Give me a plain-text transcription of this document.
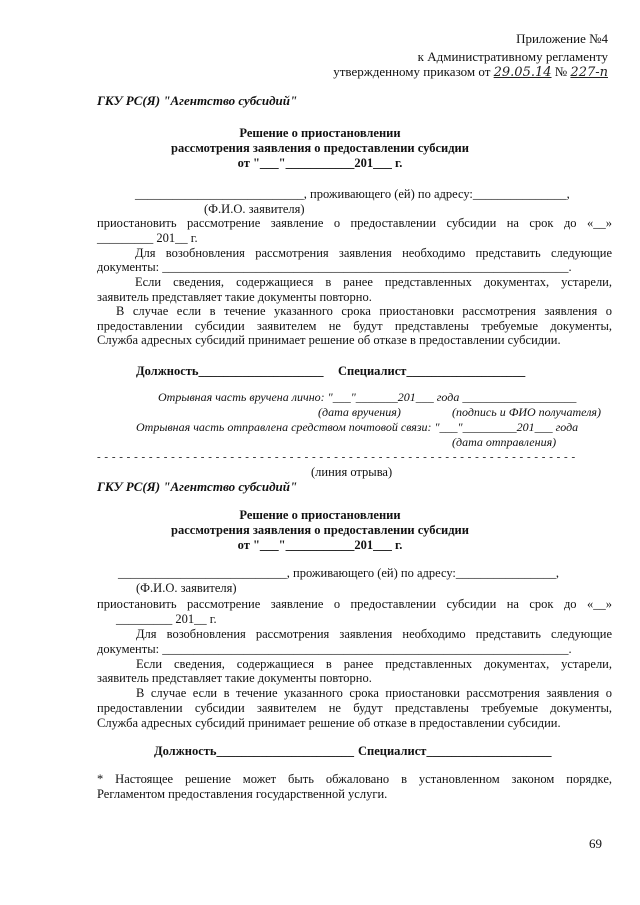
Приложение №4
к Административному регламенту
утвержденному приказом от 29.05.14 № 227-п
ГКУ РС(Я) "Агентство субсидий"
Решение о приостановлении
рассмотрения заявления о предоставлении субсидии
от "___"___________201___ г.
___________________________, проживающего (ей) по адресу:_______________,
(Ф.И.О. заявителя)
приостановить рассмотрение заявление о предоставлении субсидии на срок до «__»
_________ 201__ г.
Для возобновления рассмотрения заявления необходимо представить следующие
документы: _________________________________________________________________.
Если сведения, содержащиеся в ранее представленных документах, устарели,
заявитель представляет такие документы повторно.
В случае если в течение указанного срока приостановки рассмотрения заявления о
предоставлении субсидии заявителем не будут представлены требуемые документы,
Служба адресных субсидий принимает решение об отказе в предоставлении субсидии.
Должность____________________ Специалист___________________
Отрывная часть вручена лично: "___"_______201___ года ___________________
(дата вручения)	(подпись и ФИО получателя)
Отрывная часть отправлена средством почтовой связи: "___"_________201___ года
(дата отправления)
- - - - - - - - - - - - - - - - - - - - - - - - - - - - - - - - - - - - - - - - - - - - - - - - - - - - - - - - - - - - - - - - -
(линия отрыва)
ГКУ РС(Я) "Агентство субсидий"
Решение о приостановлении
рассмотрения заявления о предоставлении субсидии
от "___"___________201___ г.
___________________________, проживающего (ей) по адресу:________________,
(Ф.И.О. заявителя)
приостановить рассмотрение заявление о предоставлении субсидии на срок до «__»
_________ 201__ г.
Для возобновления рассмотрения заявления необходимо представить следующие
документы: _________________________________________________________________.
Если сведения, содержащиеся в ранее представленных документах, устарели,
заявитель представляет такие документы повторно.
В случае если в течение указанного срока приостановки рассмотрения заявления о
предоставлении субсидии заявителем не будут представлены требуемые документы,
Служба адресных субсидий принимает решение об отказе в предоставлении субсидии.
Должность______________________ Специалист____________________
* Настоящее решение может быть обжаловано в установленном законом порядке,
Регламентом предоставления государственной услуги.
69
